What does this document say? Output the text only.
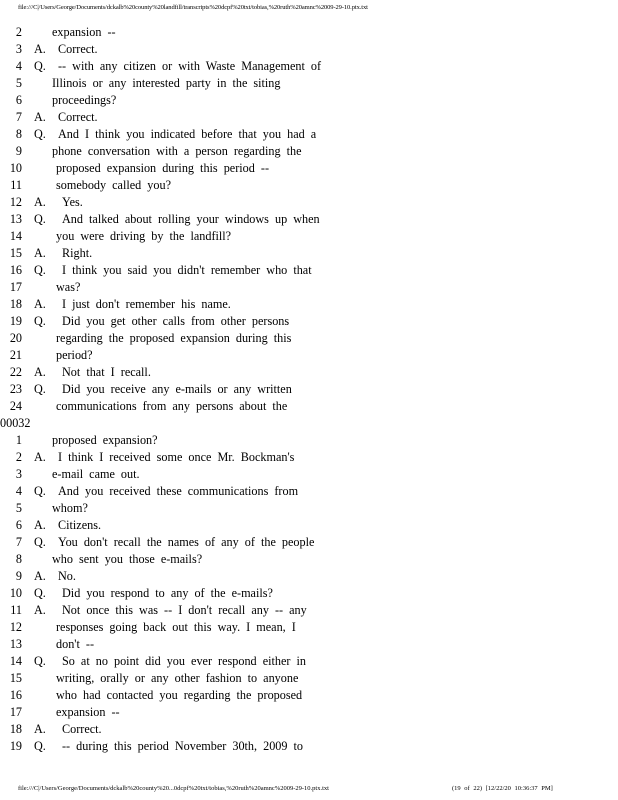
file:///C|/Users/George/Documents/dckalb%20county%20landfill/transcripts%20dcpf%20txt/tobias,%20ruth%20amnc%2009-29-10.ptx.txt
2 expansion --
3 A. Correct.
4 Q. -- with any citizen or with Waste Management of
5 Illinois or any interested party in the siting
6 proceedings?
7 A. Correct.
8 Q. And I think you indicated before that you had a
9 phone conversation with a person regarding the
10	proposed expansion during this period --
11	somebody called you?
12 A. Yes.
13 Q. And talked about rolling your windows up when
14	you were driving by the landfill?
15 A. Right.
16 Q. I think you said you didn't remember who that
17	was?
18 A. I just don't remember his name.
19 Q. Did you get other calls from other persons
20	regarding the proposed expansion during this
21	period?
22 A. Not that I recall.
23 Q. Did you receive any e-mails or any written
24	communications from any persons about the
00032
1 proposed expansion?
2 A. I think I received some once Mr. Bockman's
3 e-mail came out.
4 Q. And you received these communications from
5 whom?
6 A. Citizens.
7 Q. You don't recall the names of any of the people
8 who sent you those e-mails?
9 A. No.
10 Q. Did you respond to any of the e-mails?
11 A. Not once this was -- I don't recall any -- any
12	responses going back out this way. I mean, I
13	don't --
14 Q. So at no point did you ever respond either in
15	writing, orally or any other fashion to anyone
16	who had contacted you regarding the proposed
17	expansion --
18 A. Correct.
19 Q. -- during this period November 30th, 2009 to
file:///C|/Users/George/Documents/dckalb%20county%20...0dcpf%20txt/tobias,%20ruth%20amnc%2009-29-10.ptx.txt	(19 of 22) [12/22/20 10:36:37 PM]
